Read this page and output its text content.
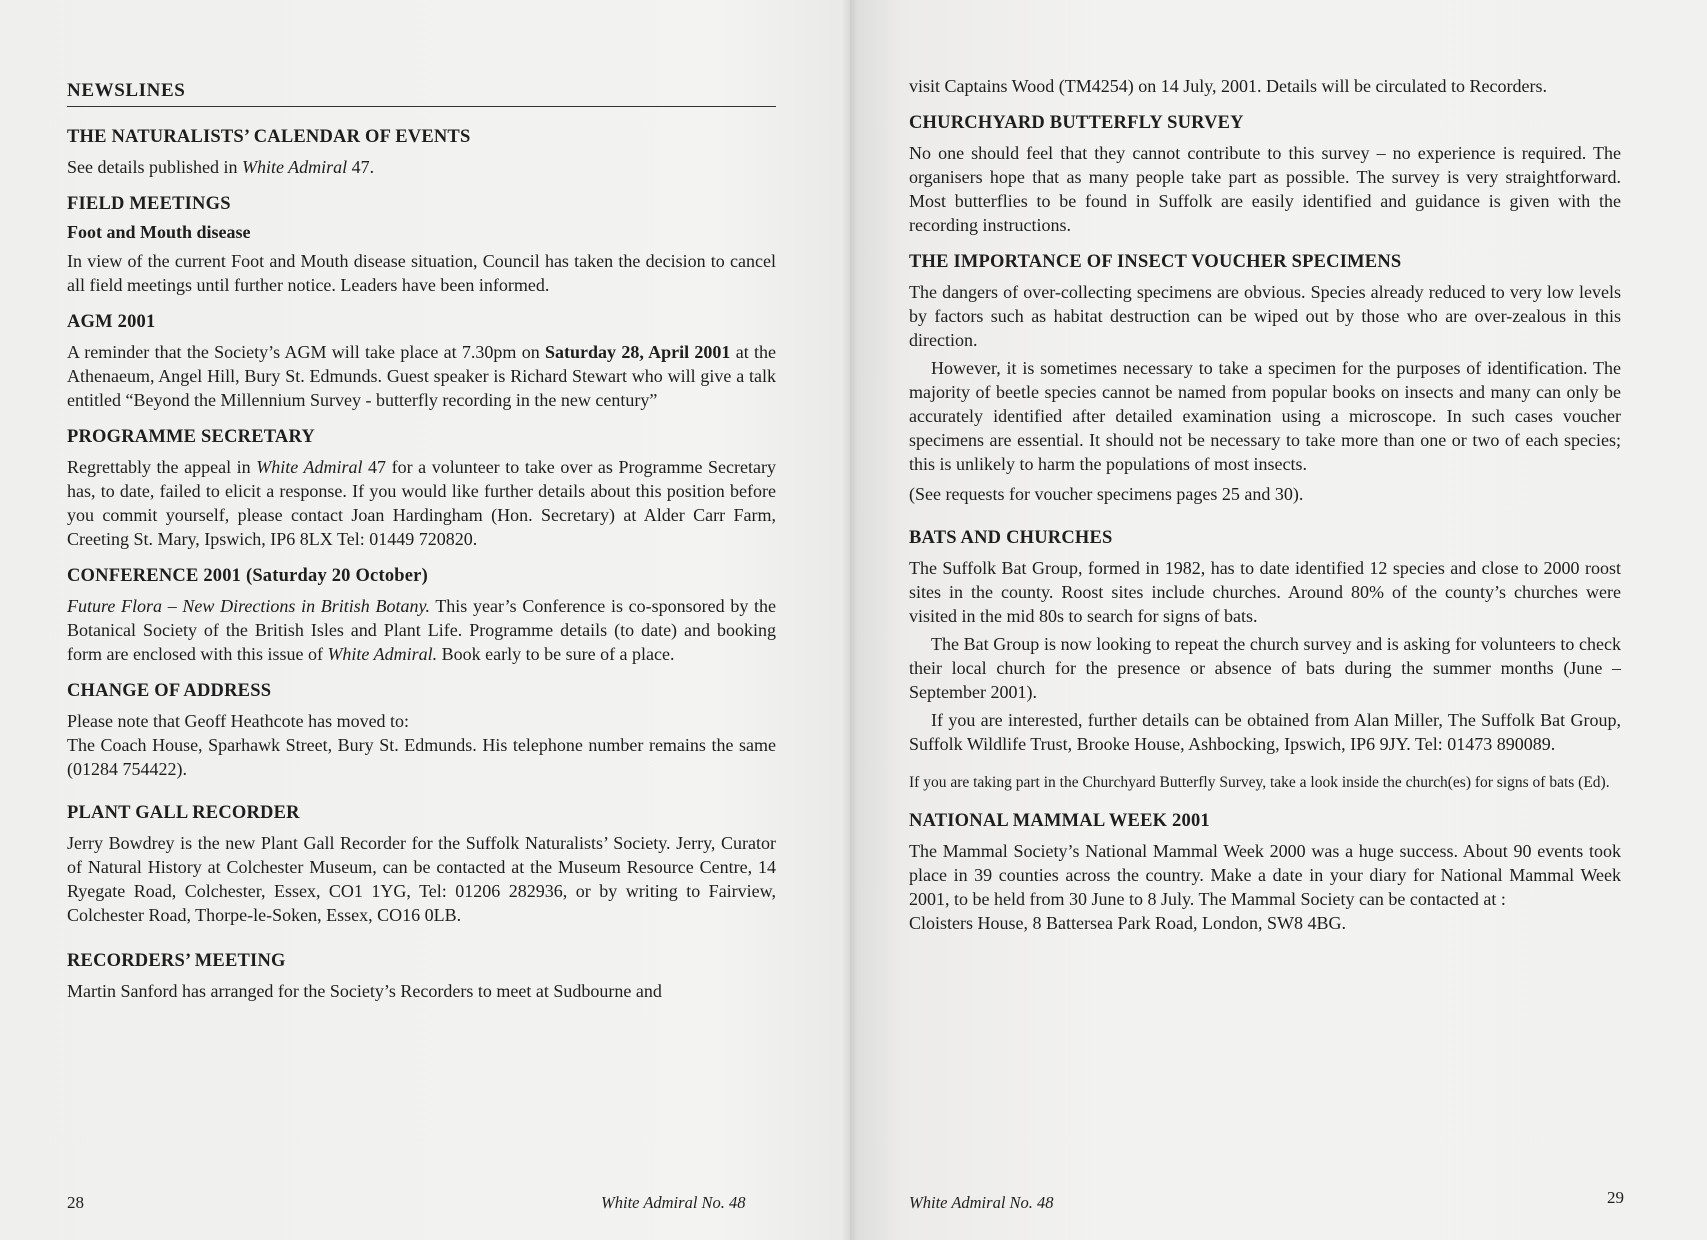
NEWSLINES
THE NATURALISTS’ CALENDAR OF EVENTS

See details published in White Admiral 47.

FIELD MEETINGS
Foot and Mouth disease

In view of the current Foot and Mouth disease situation, Council has taken the decision to cancel all field meetings until further notice. Leaders have been informed.

AGM 2001

A reminder that the Society’s AGM will take place at 7.30pm on Saturday 28, April 2001 at the Athenaeum, Angel Hill, Bury St. Edmunds. Guest speaker is Richard Stewart who will give a talk entitled “Beyond the Millennium Survey - butterfly recording in the new century”

PROGRAMME SECRETARY

Regrettably the appeal in White Admiral 47 for a volunteer to take over as Programme Secretary has, to date, failed to elicit a response. If you would like further details about this position before you commit yourself, please contact Joan Hardingham (Hon. Secretary) at Alder Carr Farm, Creeting St. Mary, Ipswich, IP6 8LX Tel: 01449 720820.

CONFERENCE 2001 (Saturday 20 October)

Future Flora – New Directions in British Botany. This year’s Conference is co-sponsored by the Botanical Society of the British Isles and Plant Life. Programme details (to date) and booking form are enclosed with this issue of White Admiral. Book early to be sure of a place.

CHANGE OF ADDRESS

Please note that Geoff Heathcote has moved to:

The Coach House, Sparhawk Street, Bury St. Edmunds. His telephone number remains the same (01284 754422).

PLANT GALL RECORDER

Jerry Bowdrey is the new Plant Gall Recorder for the Suffolk Naturalists’ Society. Jerry, Curator of Natural History at Colchester Museum, can be contacted at the Museum Resource Centre, 14 Ryegate Road, Colchester, Essex, CO1 1YG, Tel: 01206 282936, or by writing to Fairview, Colchester Road, Thorpe-le-Soken, Essex, CO16 0LB.

RECORDERS’ MEETING

Martin Sanford has arranged for the Society’s Recorders to meet at Sudbourne and

28	White Admiral No. 48

visit Captains Wood (TM4254) on 14 July, 2001. Details will be circulated to Recorders.

CHURCHYARD BUTTERFLY SURVEY

No one should feel that they cannot contribute to this survey – no experience is required. The organisers hope that as many people take part as possible. The survey is very straightforward. Most butterflies to be found in Suffolk are easily identified and guidance is given with the recording instructions.

THE IMPORTANCE OF INSECT VOUCHER SPECIMENS

The dangers of over-collecting specimens are obvious. Species already reduced to very low levels by factors such as habitat destruction can be wiped out by those who are over-zealous in this direction.

However, it is sometimes necessary to take a specimen for the purposes of identification. The majority of beetle species cannot be named from popular books on insects and many can only be accurately identified after detailed examination using a microscope. In such cases voucher specimens are essential. It should not be necessary to take more than one or two of each species; this is unlikely to harm the populations of most insects.

(See requests for voucher specimens pages 25 and 30).

BATS AND CHURCHES

The Suffolk Bat Group, formed in 1982, has to date identified 12 species and close to 2000 roost sites in the county. Roost sites include churches. Around 80% of the county’s churches were visited in the mid 80s to search for signs of bats.

The Bat Group is now looking to repeat the church survey and is asking for volunteers to check their local church for the presence or absence of bats during the summer months (June – September 2001).

If you are interested, further details can be obtained from Alan Miller, The Suffolk Bat Group, Suffolk Wildlife Trust, Brooke House, Ashbocking, Ipswich, IP6 9JY. Tel: 01473 890089.

If you are taking part in the Churchyard Butterfly Survey, take a look inside the church(es) for signs of bats (Ed).

NATIONAL MAMMAL WEEK 2001

The Mammal Society’s National Mammal Week 2000 was a huge success. About 90 events took place in 39 counties across the country. Make a date in your diary for National Mammal Week 2001, to be held from 30 June to 8 July. The Mammal Society can be contacted at :

Cloisters House, 8 Battersea Park Road, London, SW8 4BG.

White Admiral No. 48	29
